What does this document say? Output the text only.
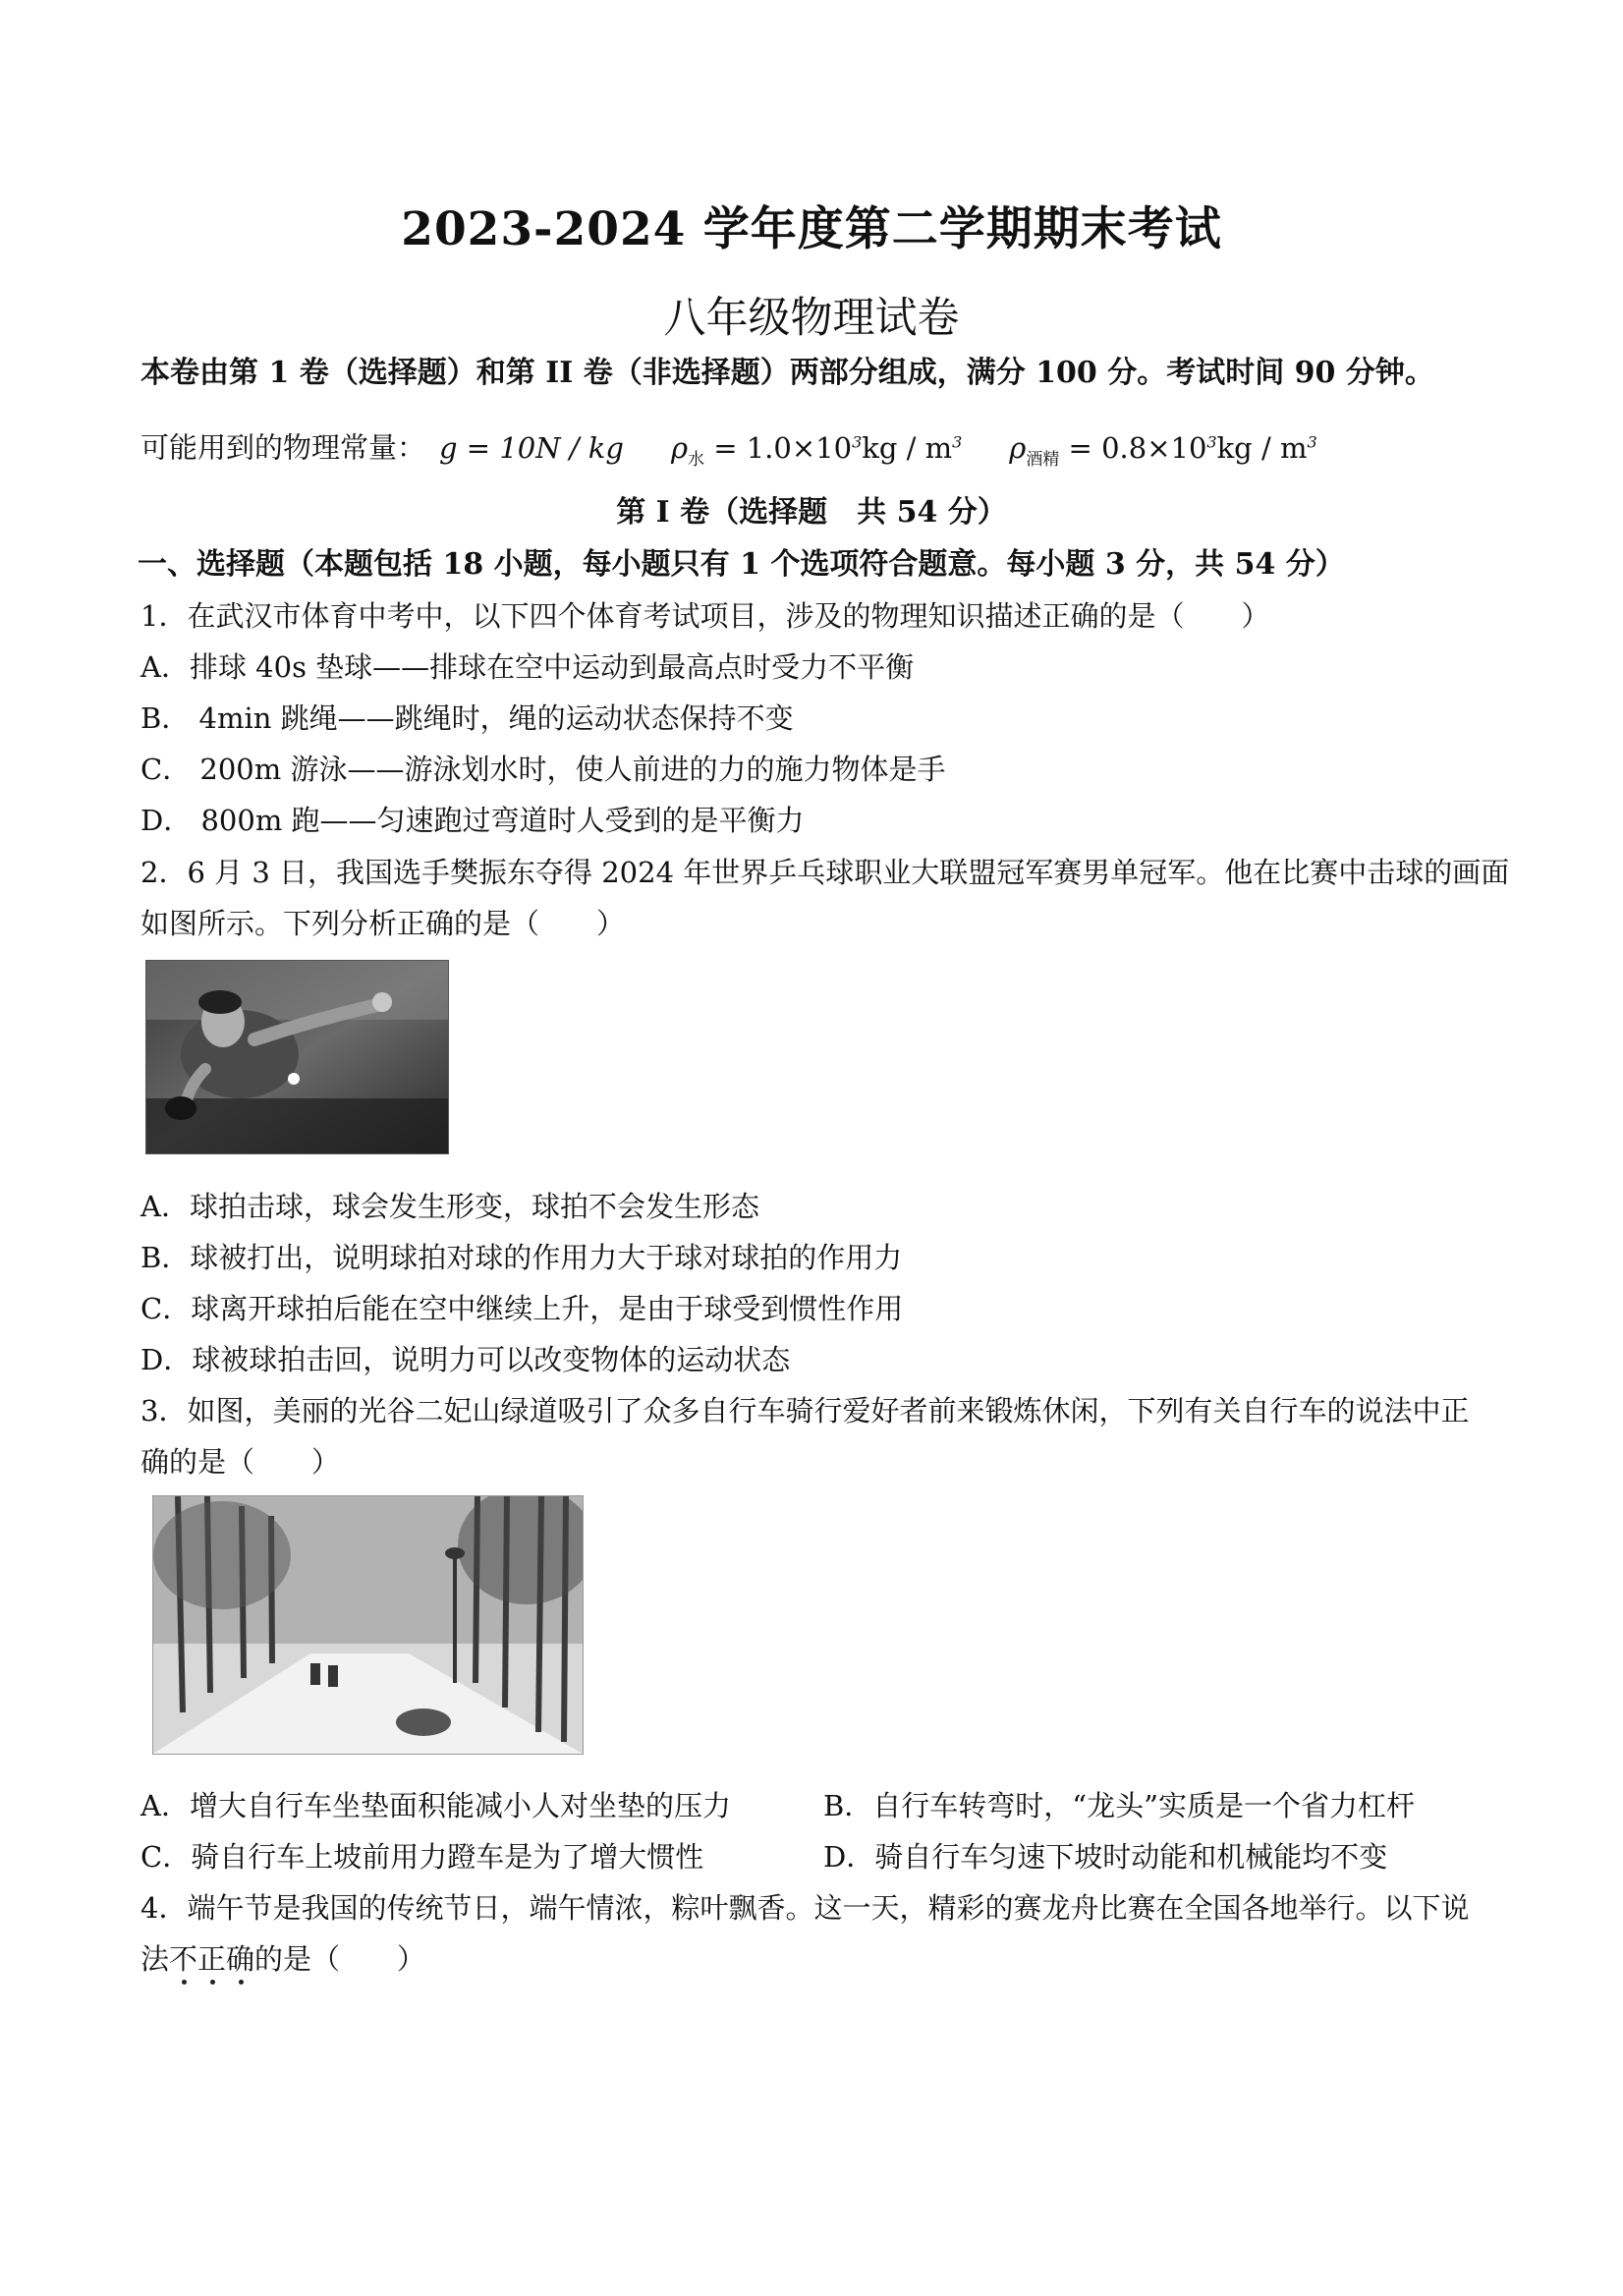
2023-2024 学年度第二学期期末考试
八年级物理试卷
本卷由第 1 卷（选择题）和第 II 卷（非选择题）两部分组成，满分 100 分。考试时间 90 分钟。
可能用到的物理常量： g = 10N / kg $\rho_水 = 1.0\times 10^3kg / m^3$ $\rho_{酒精} = 0.8\times 10^3kg / m^3$
第 I 卷（选择题　共 54 分）
一、选择题（本题包括 18 小题，每小题只有 1 个选项符合题意。每小题 3 分，共 54 分）
1．在武汉市体育中考中，以下四个体育考试项目，涉及的物理知识描述正确的是（　　）
A．排球 40s 垫球——排球在空中运动到最高点时受力不平衡
B． 4min 跳绳——跳绳时，绳的运动状态保持不变
C． 200m 游泳——游泳划水时，使人前进的力的施力物体是手
D． 800m 跑——匀速跑过弯道时人受到的是平衡力
2．6 月 3 日，我国选手樊振东夺得 2024 年世界乒乓球职业大联盟冠军赛男单冠军。他在比赛中击球的画面
如图所示。下列分析正确的是（　　）
A．球拍击球，球会发生形变，球拍不会发生形态
B．球被打出，说明球拍对球的作用力大于球对球拍的作用力
C．球离开球拍后能在空中继续上升，是由于球受到惯性作用
D．球被球拍击回，说明力可以改变物体的运动状态
3．如图，美丽的光谷二妃山绿道吸引了众多自行车骑行爱好者前来锻炼休闲，下列有关自行车的说法中正
确的是（　　）
A．增大自行车坐垫面积能减小人对坐垫的压力	B．自行车转弯时，“龙头”实质是一个省力杠杆
C．骑自行车上坡前用力蹬车是为了增大惯性	D．骑自行车匀速下坡时动能和机械能均不变
4．端午节是我国的传统节日，端午情浓，粽叶飘香。这一天，精彩的赛龙舟比赛在全国各地举行。以下说
法不正确的是（　　）
